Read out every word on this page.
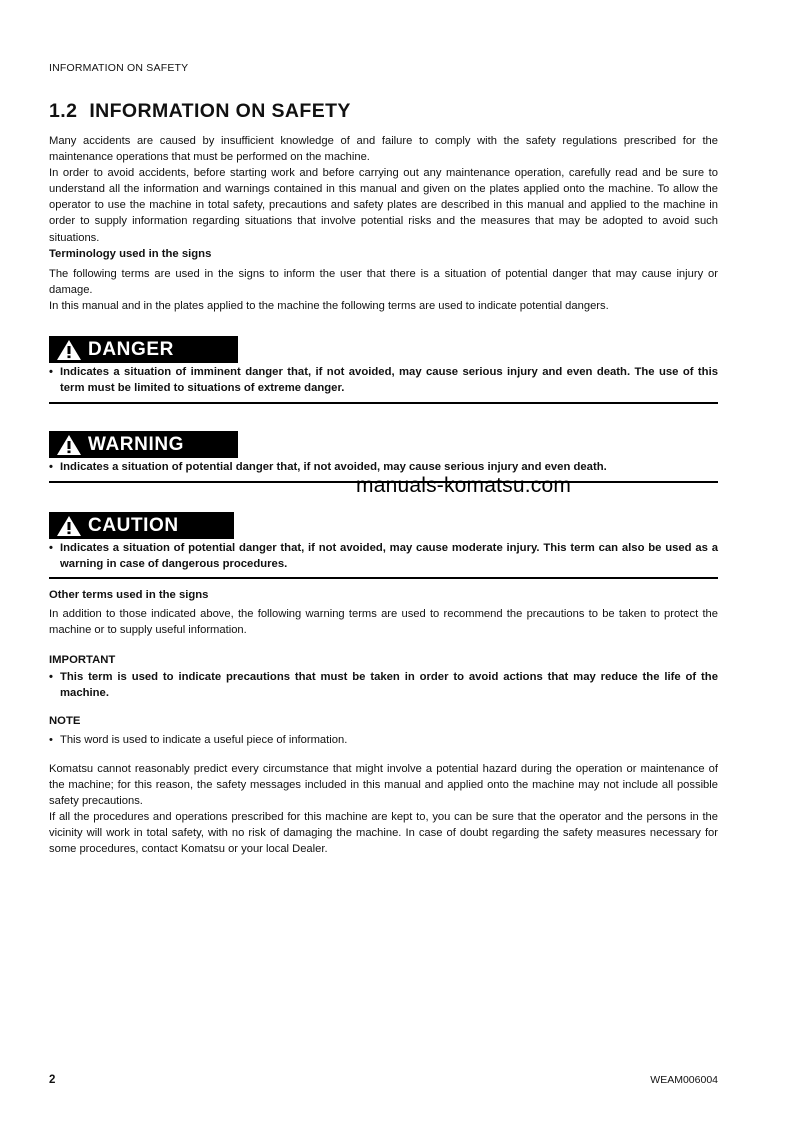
INFORMATION ON SAFETY
1.2 INFORMATION ON SAFETY

Many accidents are caused by insufficient knowledge of and failure to comply with the safety regulations prescribed for the maintenance operations that must be performed on the machine.

In order to avoid accidents, before starting work and before carrying out any maintenance operation, carefully read and be sure to understand all the information and warnings contained in this manual and given on the plates applied onto the machine. To allow the operator to use the machine in total safety, precautions and safety plates are described in this manual and applied to the machine in order to supply information regarding situations that involve potential risks and the measures that may be adopted to avoid such situations.

Terminology used in the signs

The following terms are used in the signs to inform the user that there is a situation of potential danger that may cause injury or damage.

In this manual and in the plates applied to the machine the following terms are used to indicate potential dangers.

DANGER
• Indicates a situation of imminent danger that, if not avoided, may cause serious injury and even death. The use of this term must be limited to situations of extreme danger.
WARNING
• Indicates a situation of potential danger that, if not avoided, may cause serious injury and even death.
manuals-komatsu.com
CAUTION
• Indicates a situation of potential danger that, if not avoided, may cause moderate injury. This term can also be used as a warning in case of dangerous procedures.
Other terms used in the signs

In addition to those indicated above, the following warning terms are used to recommend the precautions to be taken to protect the machine or to supply useful information.

IMPORTANT
• This term is used to indicate precautions that must be taken in order to avoid actions that may reduce the life of the machine.
NOTE
• This word is used to indicate a useful piece of information.

Komatsu cannot reasonably predict every circumstance that might involve a potential hazard during the operation or maintenance of the machine; for this reason, the safety messages included in this manual and applied onto the machine may not include all possible safety precautions.

If all the procedures and operations prescribed for this machine are kept to, you can be sure that the operator and the persons in the vicinity will work in total safety, with no risk of damaging the machine. In case of doubt regarding the safety measures necessary for some procedures, contact Komatsu or your local Dealer.

2	WEAM006004
